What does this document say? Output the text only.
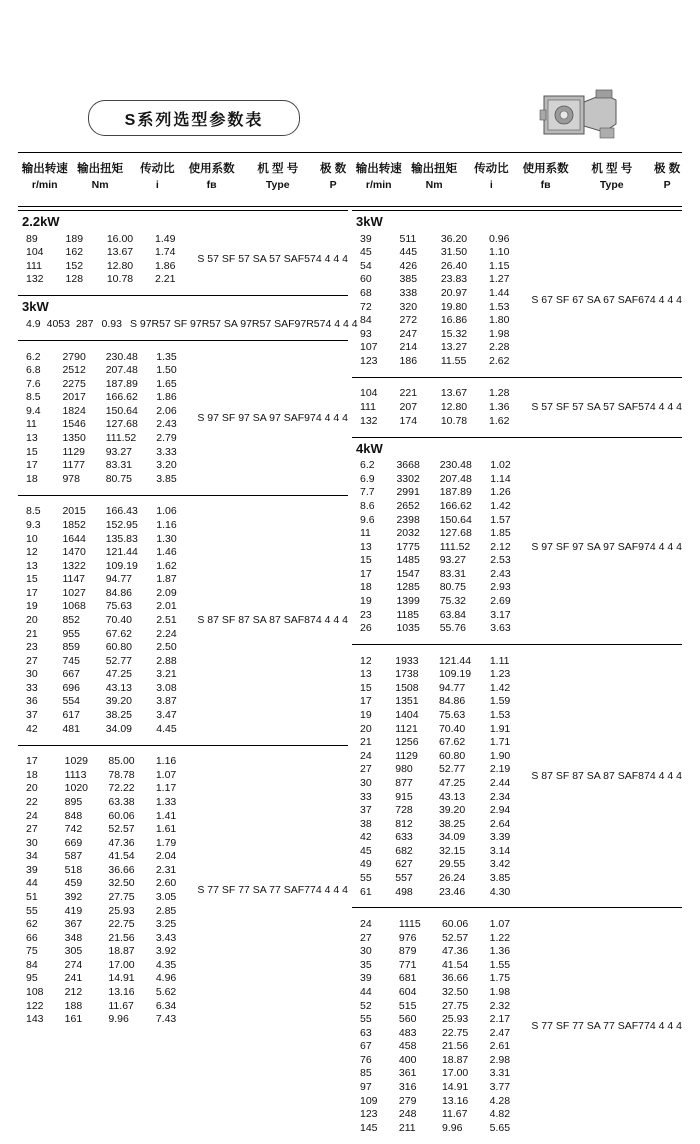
S系列选型参数表
输出转速	输出扭矩	传动比	使用系数	机 型 号	极 数
r/min	Nm	i	fв	Type	P
输出转速	输出扭矩	传动比	使用系数	机 型 号	极 数
r/min	Nm	i	fв	Type	P
2.2kW
89	189	16.00	1.49	S 57 SF 57 SA 57 SAF57	4 4 4 4
104	162	13.67	1.74		
111	152	12.80	1.86		
132	128	10.78	2.21		
3kW
4.9	4053	287	0.93	S 97R57 SF 97R57 SA 97R57 SAF97R57	4 4 4 4
6.2	2790	230.48	1.35	S 97 SF 97 SA 97 SAF97	4 4 4 4
6.8	2512	207.48	1.50		
7.6	2275	187.89	1.65		
8.5	2017	166.62	1.86		
9.4	1824	150.64	2.06		
11	1546	127.68	2.43		
13	1350	111.52	2.79		
15	1129	93.27	3.33		
17	1177	83.31	3.20		
18	978	80.75	3.85		
8.5	2015	166.43	1.06	S 87 SF 87 SA 87 SAF87	4 4 4 4
9.3	1852	152.95	1.16		
10	1644	135.83	1.30		
12	1470	121.44	1.46		
13	1322	109.19	1.62		
15	1147	94.77	1.87		
17	1027	84.86	2.09		
19	1068	75.63	2.01		
20	852	70.40	2.51		
21	955	67.62	2.24		
23	859	60.80	2.50		
27	745	52.77	2.88		
30	667	47.25	3.21		
33	696	43.13	3.08		
36	554	39.20	3.87		
37	617	38.25	3.47		
42	481	34.09	4.45		
17	1029	85.00	1.16	S 77 SF 77 SA 77 SAF77	4 4 4 4
18	1113	78.78	1.07		
20	1020	72.22	1.17		
22	895	63.38	1.33		
24	848	60.06	1.41		
27	742	52.57	1.61		
30	669	47.36	1.79		
34	587	41.54	2.04		
39	518	36.66	2.31		
44	459	32.50	2.60		
51	392	27.75	3.05		
55	419	25.93	2.85		
62	367	22.75	3.25		
66	348	21.56	3.43		
75	305	18.87	3.92		
84	274	17.00	4.35		
95	241	14.91	4.96		
108	212	13.16	5.62		
122	188	11.67	6.34		
143	161	9.96	7.43		
3kW
39	511	36.20	0.96	S 67 SF 67 SA 67 SAF67	4 4 4 4
45	445	31.50	1.10		
54	426	26.40	1.15		
60	385	23.83	1.27		
68	338	20.97	1.44		
72	320	19.80	1.53		
84	272	16.86	1.80		
93	247	15.32	1.98		
107	214	13.27	2.28		
123	186	11.55	2.62		
104	221	13.67	1.28	S 57 SF 57 SA 57 SAF57	4 4 4 4
111	207	12.80	1.36		
132	174	10.78	1.62		
4kW
6.2	3668	230.48	1.02	S 97 SF 97 SA 97 SAF97	4 4 4 4
6.9	3302	207.48	1.14		
7.7	2991	187.89	1.26		
8.6	2652	166.62	1.42		
9.6	2398	150.64	1.57		
11	2032	127.68	1.85		
13	1775	111.52	2.12		
15	1485	93.27	2.53		
17	1547	83.31	2.43		
18	1285	80.75	2.93		
19	1399	75.32	2.69		
23	1185	63.84	3.17		
26	1035	55.76	3.63		
12	1933	121.44	1.11	S 87 SF 87 SA 87 SAF87	4 4 4 4
13	1738	109.19	1.23		
15	1508	94.77	1.42		
17	1351	84.86	1.59		
19	1404	75.63	1.53		
20	1121	70.40	1.91		
21	1256	67.62	1.71		
24	1129	60.80	1.90		
27	980	52.77	2.19		
30	877	47.25	2.44		
33	915	43.13	2.34		
37	728	39.20	2.94		
38	812	38.25	2.64		
42	633	34.09	3.39		
45	682	32.15	3.14		
49	627	29.55	3.42		
55	557	26.24	3.85		
61	498	23.46	4.30		
24	1115	60.06	1.07	S 77 SF 77 SA 77 SAF77	4 4 4 4
27	976	52.57	1.22		
30	879	47.36	1.36		
35	771	41.54	1.55		
39	681	36.66	1.75		
44	604	32.50	1.98		
52	515	27.75	2.32		
55	560	25.93	2.17		
63	483	22.75	2.47		
67	458	21.56	2.61		
76	400	18.87	2.98		
85	361	17.00	3.31		
97	316	14.91	3.77		
109	279	13.16	4.28		
123	248	11.67	4.82		
145	211	9.96	5.65		
